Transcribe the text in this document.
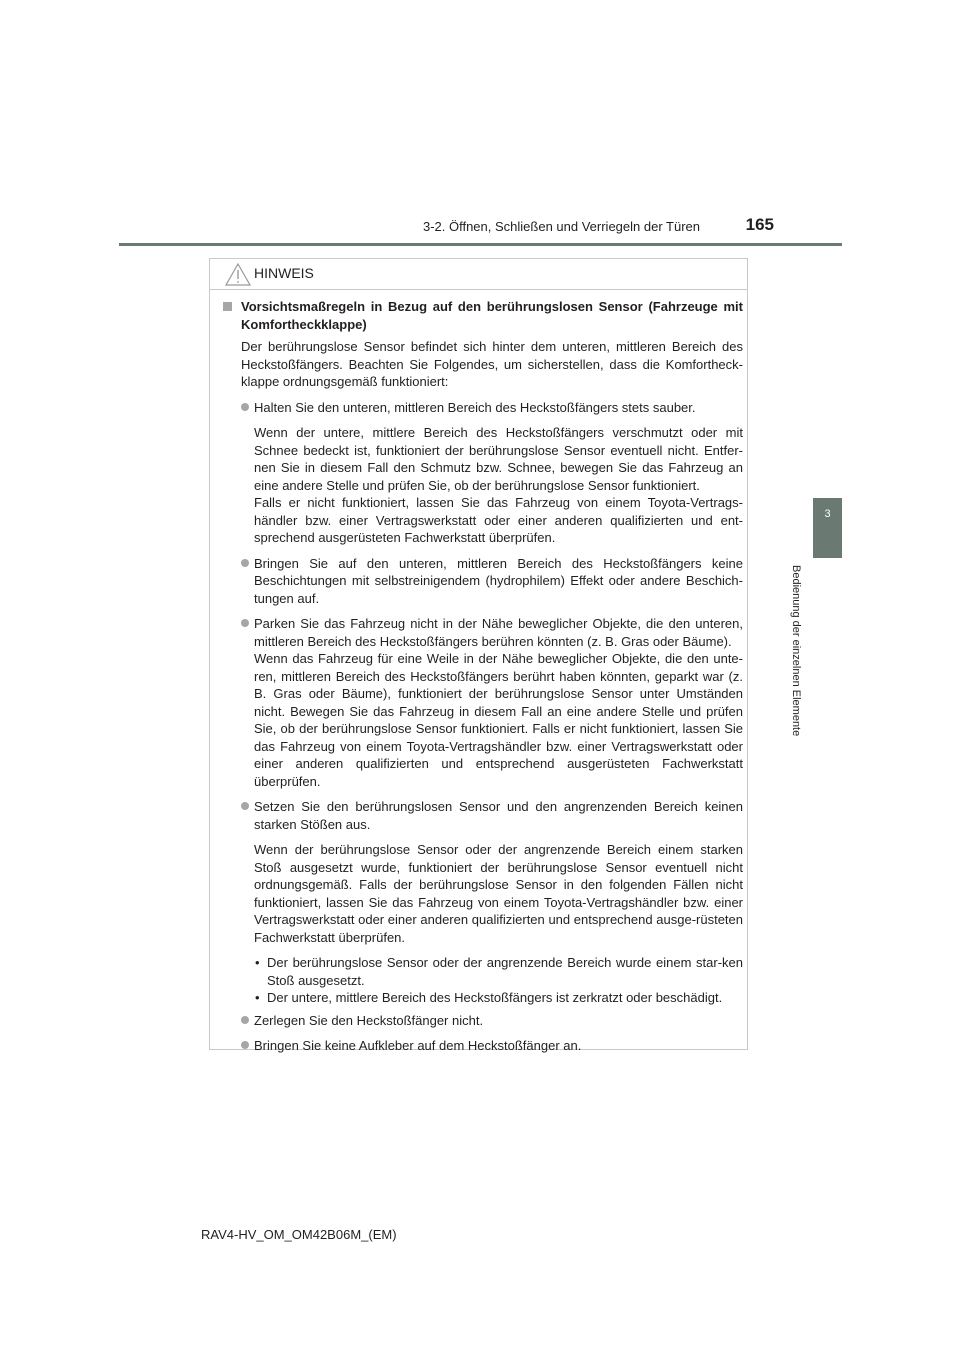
3-2. Öffnen, Schließen und Verriegeln der Türen	165
3
Bedienung der einzelnen Elemente
HINWEIS

Vorsichtsmaßregeln in Bezug auf den berührungslosen Sensor (Fahrzeuge mit Komfortheckklappe)

Der berührungslose Sensor befindet sich hinter dem unteren, mittleren Bereich des Heckstoßfängers. Beachten Sie Folgendes, um sicherstellen, dass die Komfortheck-klappe ordnungsgemäß funktioniert:

Halten Sie den unteren, mittleren Bereich des Heckstoßfängers stets sauber.

Wenn der untere, mittlere Bereich des Heckstoßfängers verschmutzt oder mit Schnee bedeckt ist, funktioniert der berührungslose Sensor eventuell nicht. Entfer-nen Sie in diesem Fall den Schmutz bzw. Schnee, bewegen Sie das Fahrzeug an eine andere Stelle und prüfen Sie, ob der berührungslose Sensor funktioniert.

Falls er nicht funktioniert, lassen Sie das Fahrzeug von einem Toyota-Vertrags-händler bzw. einer Vertragswerkstatt oder einer anderen qualifizierten und ent-sprechend ausgerüsteten Fachwerkstatt überprüfen.

Bringen Sie auf den unteren, mittleren Bereich des Heckstoßfängers keine Beschichtungen mit selbstreinigendem (hydrophilem) Effekt oder andere Beschich-tungen auf.

Parken Sie das Fahrzeug nicht in der Nähe beweglicher Objekte, die den unteren, mittleren Bereich des Heckstoßfängers berühren könnten (z. B. Gras oder Bäume).

Wenn das Fahrzeug für eine Weile in der Nähe beweglicher Objekte, die den unte-ren, mittleren Bereich des Heckstoßfängers berührt haben könnten, geparkt war (z. B. Gras oder Bäume), funktioniert der berührungslose Sensor unter Umständen nicht. Bewegen Sie das Fahrzeug in diesem Fall an eine andere Stelle und prüfen Sie, ob der berührungslose Sensor funktioniert. Falls er nicht funktioniert, lassen Sie das Fahrzeug von einem Toyota-Vertragshändler bzw. einer Vertragswerkstatt oder einer anderen qualifizierten und entsprechend ausgerüsteten Fachwerkstatt überprüfen.

Setzen Sie den berührungslosen Sensor und den angrenzenden Bereich keinen starken Stößen aus.

Wenn der berührungslose Sensor oder der angrenzende Bereich einem starken Stoß ausgesetzt wurde, funktioniert der berührungslose Sensor eventuell nicht ordnungsgemäß. Falls der berührungslose Sensor in den folgenden Fällen nicht funktioniert, lassen Sie das Fahrzeug von einem Toyota-Vertragshändler bzw. einer Vertragswerkstatt oder einer anderen qualifizierten und entsprechend ausge-rüsteten Fachwerkstatt überprüfen.

• Der berührungslose Sensor oder der angrenzende Bereich wurde einem star-ken Stoß ausgesetzt.

• Der untere, mittlere Bereich des Heckstoßfängers ist zerkratzt oder beschädigt.

Zerlegen Sie den Heckstoßfänger nicht.

Bringen Sie keine Aufkleber auf dem Heckstoßfänger an.

RAV4-HV_OM_OM42B06M_(EM)
